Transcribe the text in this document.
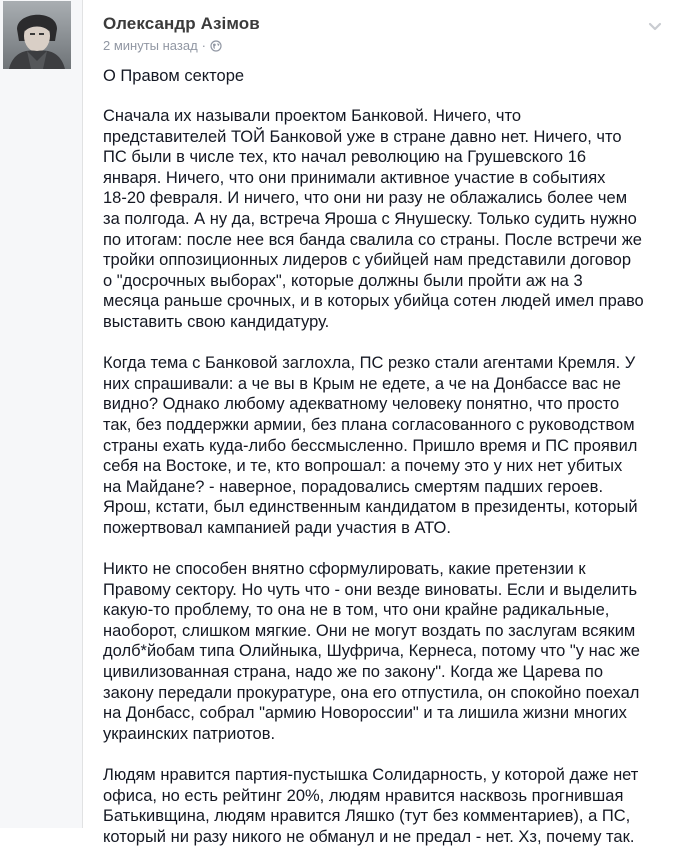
Олександр Азімов
2 минуты назад ·
О Правом секторе

Сначала их называли проектом Банковой. Ничего, что
представителей ТОЙ Банковой уже в стране давно нет. Ничего, что
ПС были в числе тех, кто начал революцию на Грушевского 16
января. Ничего, что они принимали активное участие в событиях
18-20 февраля. И ничего, что они ни разу не облажались более чем
за полгода. А ну да, встреча Яроша с Янушеску. Только судить нужно
по итогам: после нее вся банда свалила со страны. После встречи же
тройки оппозиционных лидеров с убийцей нам представили договор
о "досрочных выборах", которые должны были пройти аж на 3
месяца раньше срочных, и в которых убийца сотен людей имел право
выставить свою кандидатуру.

Когда тема с Банковой заглохла, ПС резко стали агентами Кремля. У
них спрашивали: а че вы в Крым не едете, а че на Донбассе вас не
видно? Однако любому адекватному человеку понятно, что просто
так, без поддержки армии, без плана согласованного с руководством
страны ехать куда-либо бессмысленно. Пришло время и ПС проявил
себя на Востоке, и те, кто вопрошал: а почему это у них нет убитых
на Майдане? - наверное, порадовались смертям падших героев.
Ярош, кстати, был единственным кандидатом в президенты, который
пожертвовал кампанией ради участия в АТО.

Никто не способен внятно сформулировать, какие претензии к
Правому сектору. Но чуть что - они везде виноваты. Если и выделить
какую-то проблему, то она не в том, что они крайне радикальные,
наоборот, слишком мягкие. Они не могут воздать по заслугам всяким
долб*йобам типа Олийныка, Шуфрича, Кернеса, потому что "у нас же
цивилизованная страна, надо же по закону". Когда же Царева по
закону передали прокуратуре, она его отпустила, он спокойно поехал
на Донбасс, собрал "армию Новороссии" и та лишила жизни многих
украинских патриотов.

Людям нравится партия-пустышка Солидарность, у которой даже нет
офиса, но есть рейтинг 20%, людям нравится насквозь прогнившая
Батькивщина, людям нравится Ляшко (тут без комментариев), а ПС,
который ни разу никого не обманул и не предал - нет. Хз, почему так.
